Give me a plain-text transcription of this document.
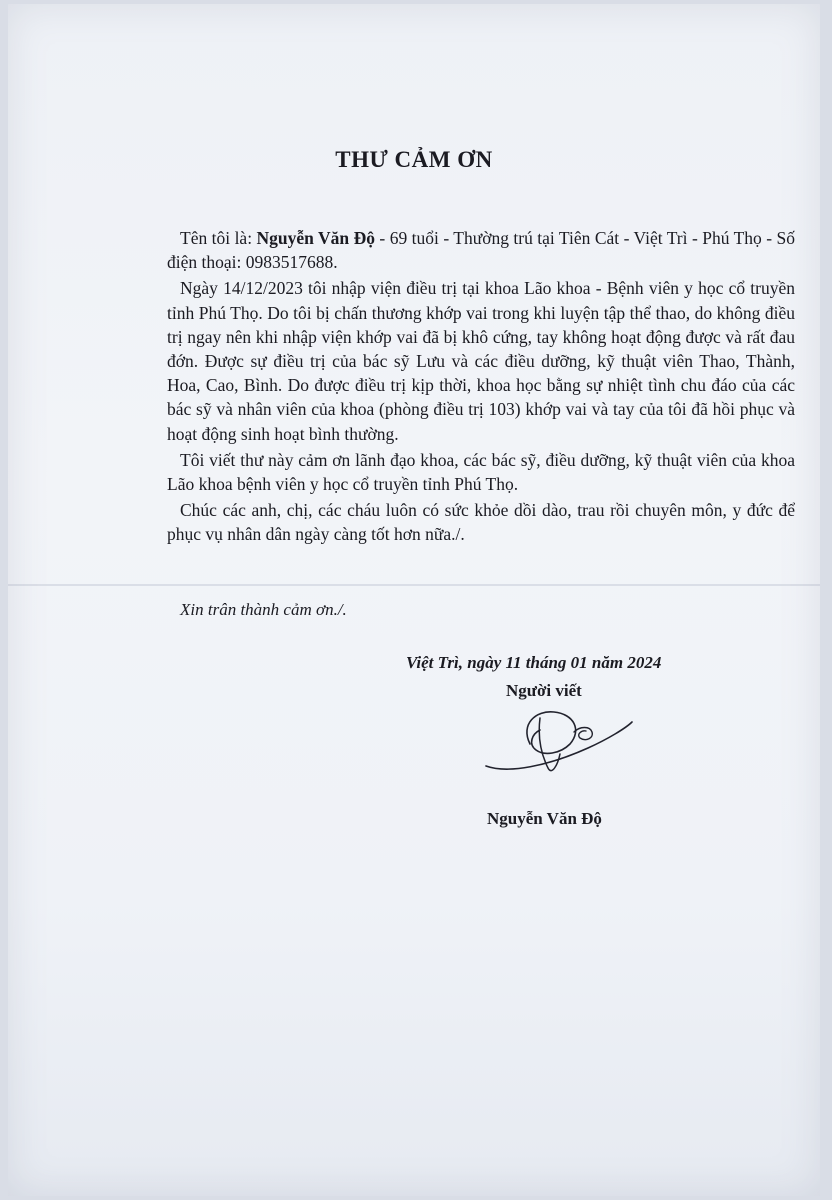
THƯ CẢM ƠN

Tên tôi là: Nguyễn Văn Độ - 69 tuổi - Thường trú tại Tiên Cát - Việt Trì - Phú Thọ - Số điện thoại: 0983517688.

Ngày 14/12/2023 tôi nhập viện điều trị tại khoa Lão khoa - Bệnh viên y học cổ truyền tỉnh Phú Thọ. Do tôi bị chấn thương khớp vai trong khi luyện tập thể thao, do không điều trị ngay nên khi nhập viện khớp vai đã bị khô cứng, tay không hoạt động được và rất đau đớn. Được sự điều trị của bác sỹ Lưu và các điều dưỡng, kỹ thuật viên Thao, Thành, Hoa, Cao, Bình. Do được điều trị kịp thời, khoa học bằng sự nhiệt tình chu đáo của các bác sỹ và nhân viên của khoa (phòng điều trị 103) khớp vai và tay của tôi đã hồi phục và hoạt động sinh hoạt bình thường.

Tôi viết thư này cảm ơn lãnh đạo khoa, các bác sỹ, điều dưỡng, kỹ thuật viên của khoa Lão khoa bệnh viên y học cổ truyền tỉnh Phú Thọ.

Chúc các anh, chị, các cháu luôn có sức khỏe dồi dào, trau rồi chuyên môn, y đức để phục vụ nhân dân ngày càng tốt hơn nữa./.

Xin trân thành cảm ơn./.
Việt Trì, ngày 11 tháng 01 năm 2024
Người viết
Nguyễn Văn Độ
